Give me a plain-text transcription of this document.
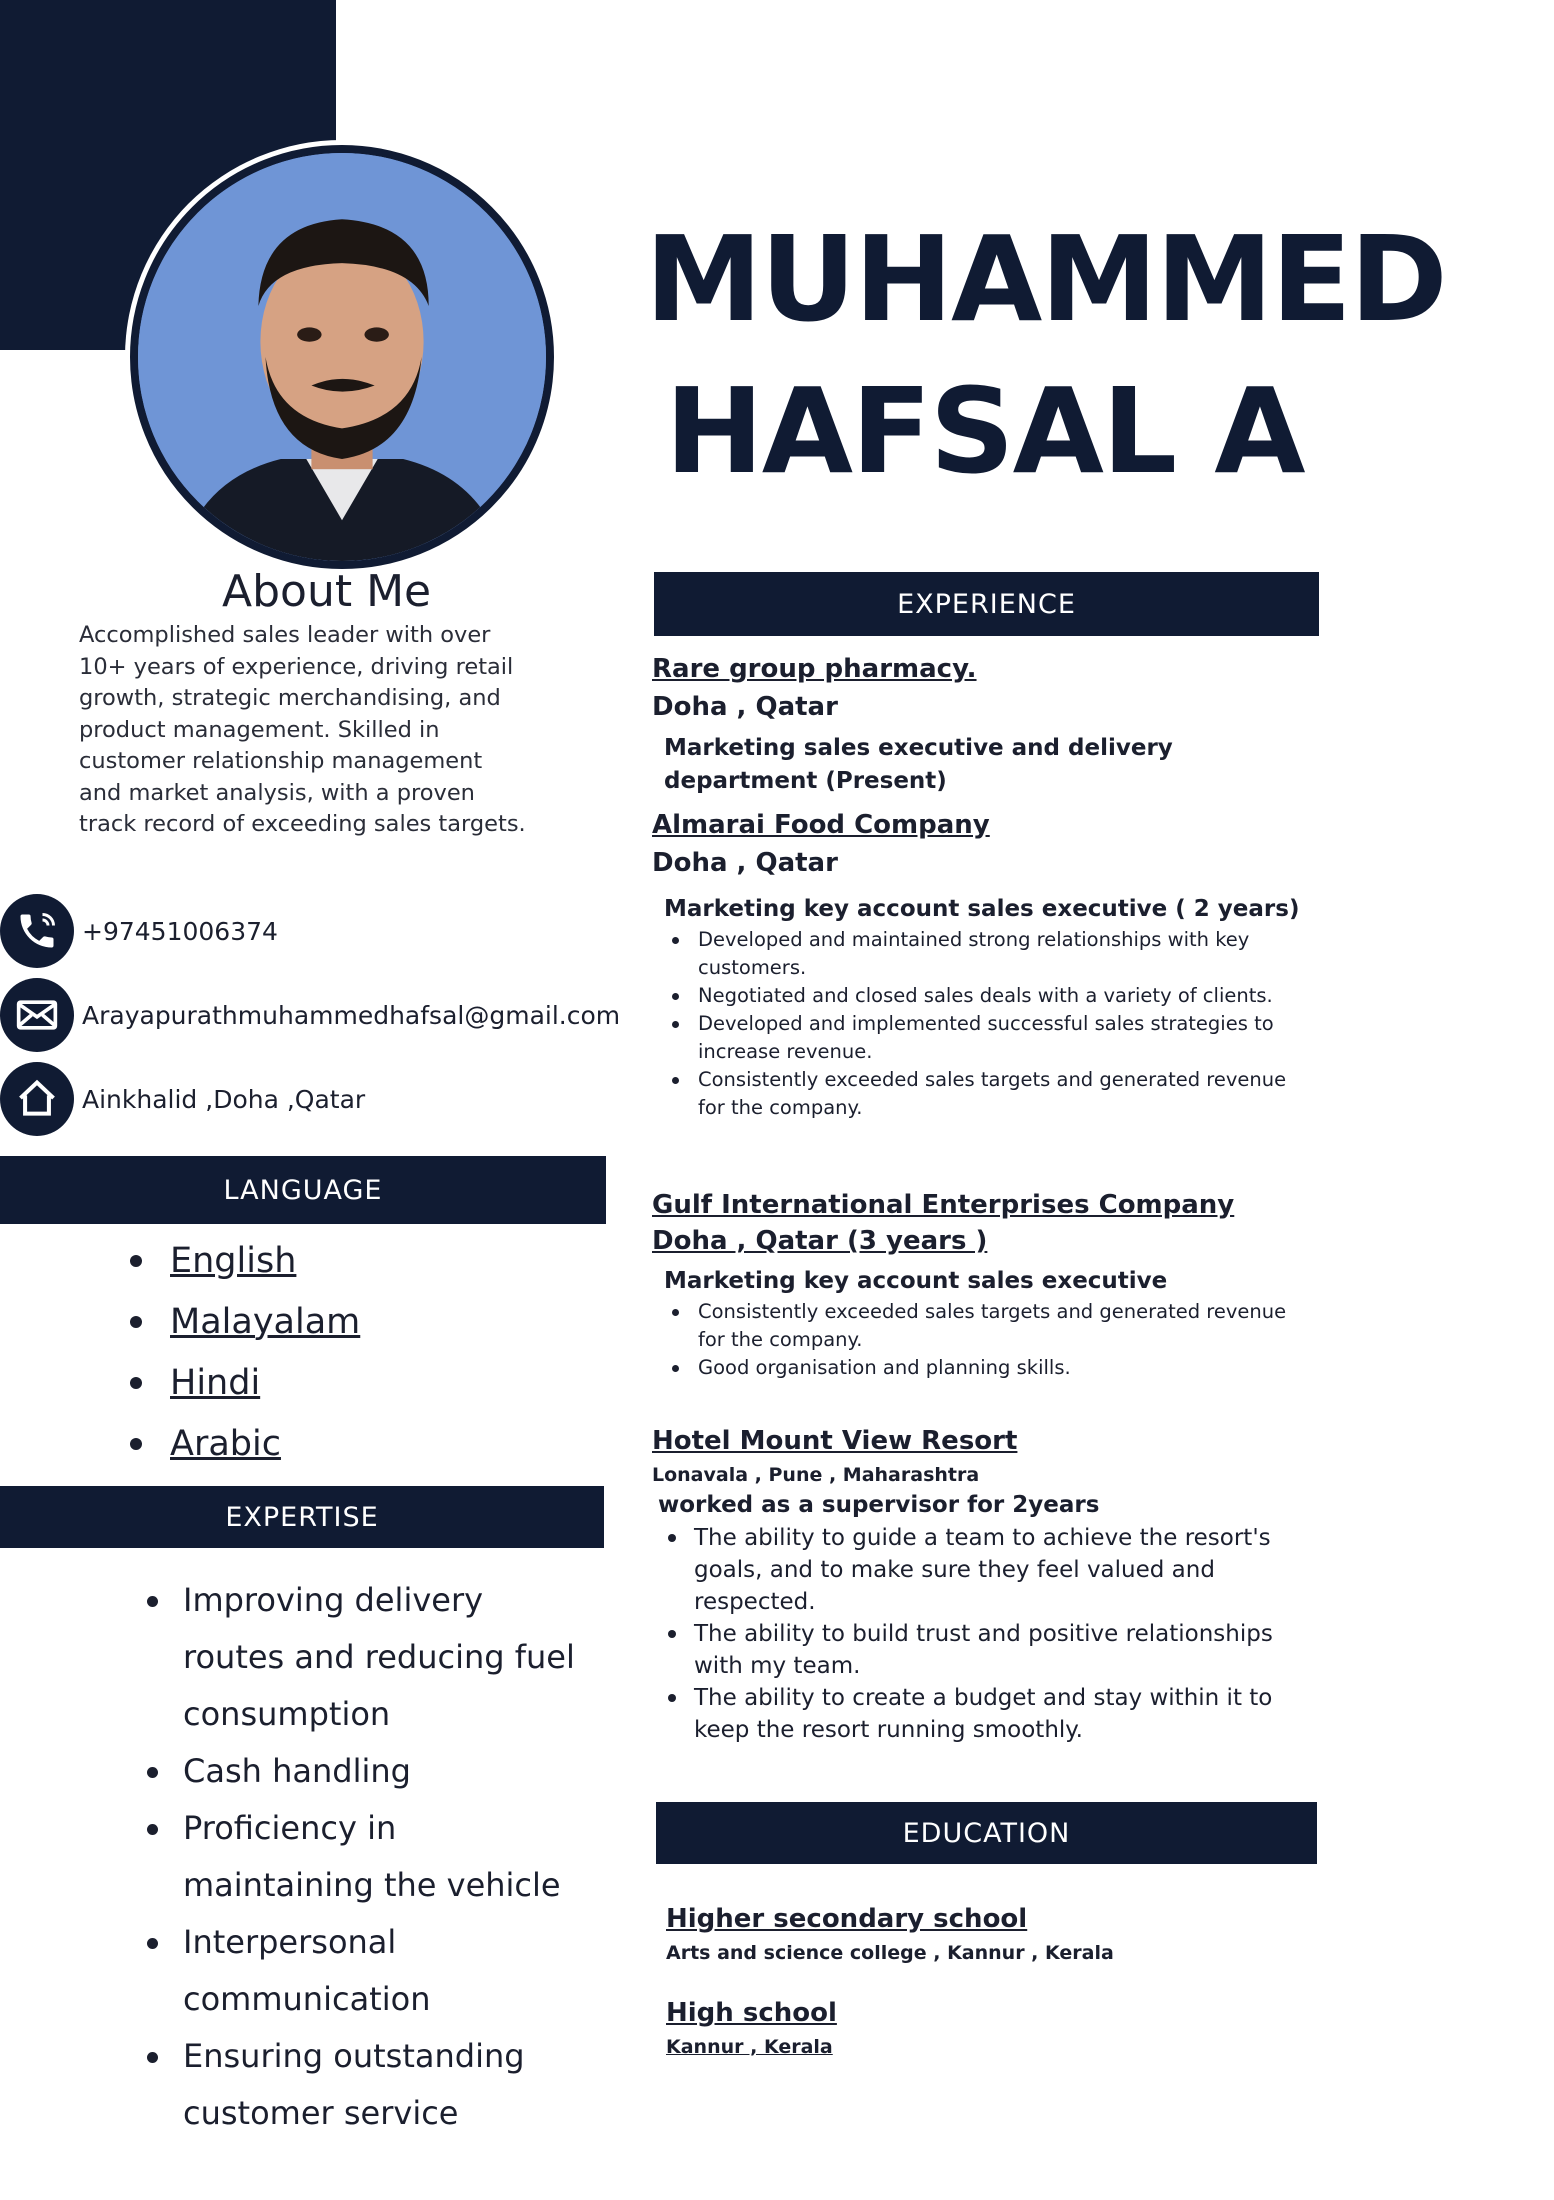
MUHAMMED
HAFSAL A
About Me
Accomplished sales leader with over 10+ years of experience, driving retail growth, strategic merchandising, and product management. Skilled in customer relationship management and market analysis, with a proven track record of exceeding sales targets.
+97451006374
Arayapurathmuhammedhafsal@gmail.com
Ainkhalid ,Doha ,Qatar
LANGUAGE
English
Malayalam
Hindi
Arabic
EXPERTISE
Improving delivery routes and reducing fuel consumption
Cash handling
Proficiency in maintaining the vehicle
Interpersonal communication
Ensuring outstanding customer service
EXPERIENCE
Rare group pharmacy.
Doha , Qatar
Marketing sales executive and delivery department (Present)
Almarai Food Company
Doha , Qatar
Marketing key account sales executive ( 2 years)
Developed and maintained strong relationships with key customers.
Negotiated and closed sales deals with a variety of clients.
Developed and implemented successful sales strategies to increase revenue.
Consistently exceeded sales targets and generated revenue for the company.
Gulf International Enterprises Company
Doha , Qatar (3 years )
Marketing key account sales executive
Consistently exceeded sales targets and generated revenue for the company.
Good organisation and planning skills.
Hotel Mount View Resort
Lonavala , Pune , Maharashtra
worked as a supervisor for 2years
The ability to guide a team to achieve the resort's goals, and to make sure they feel valued and respected.
The ability to build trust and positive relationships with my team.
The ability to create a budget and stay within it to keep the resort running smoothly.
EDUCATION
Higher secondary school
Arts and science college , Kannur , Kerala
High school
Kannur , Kerala
